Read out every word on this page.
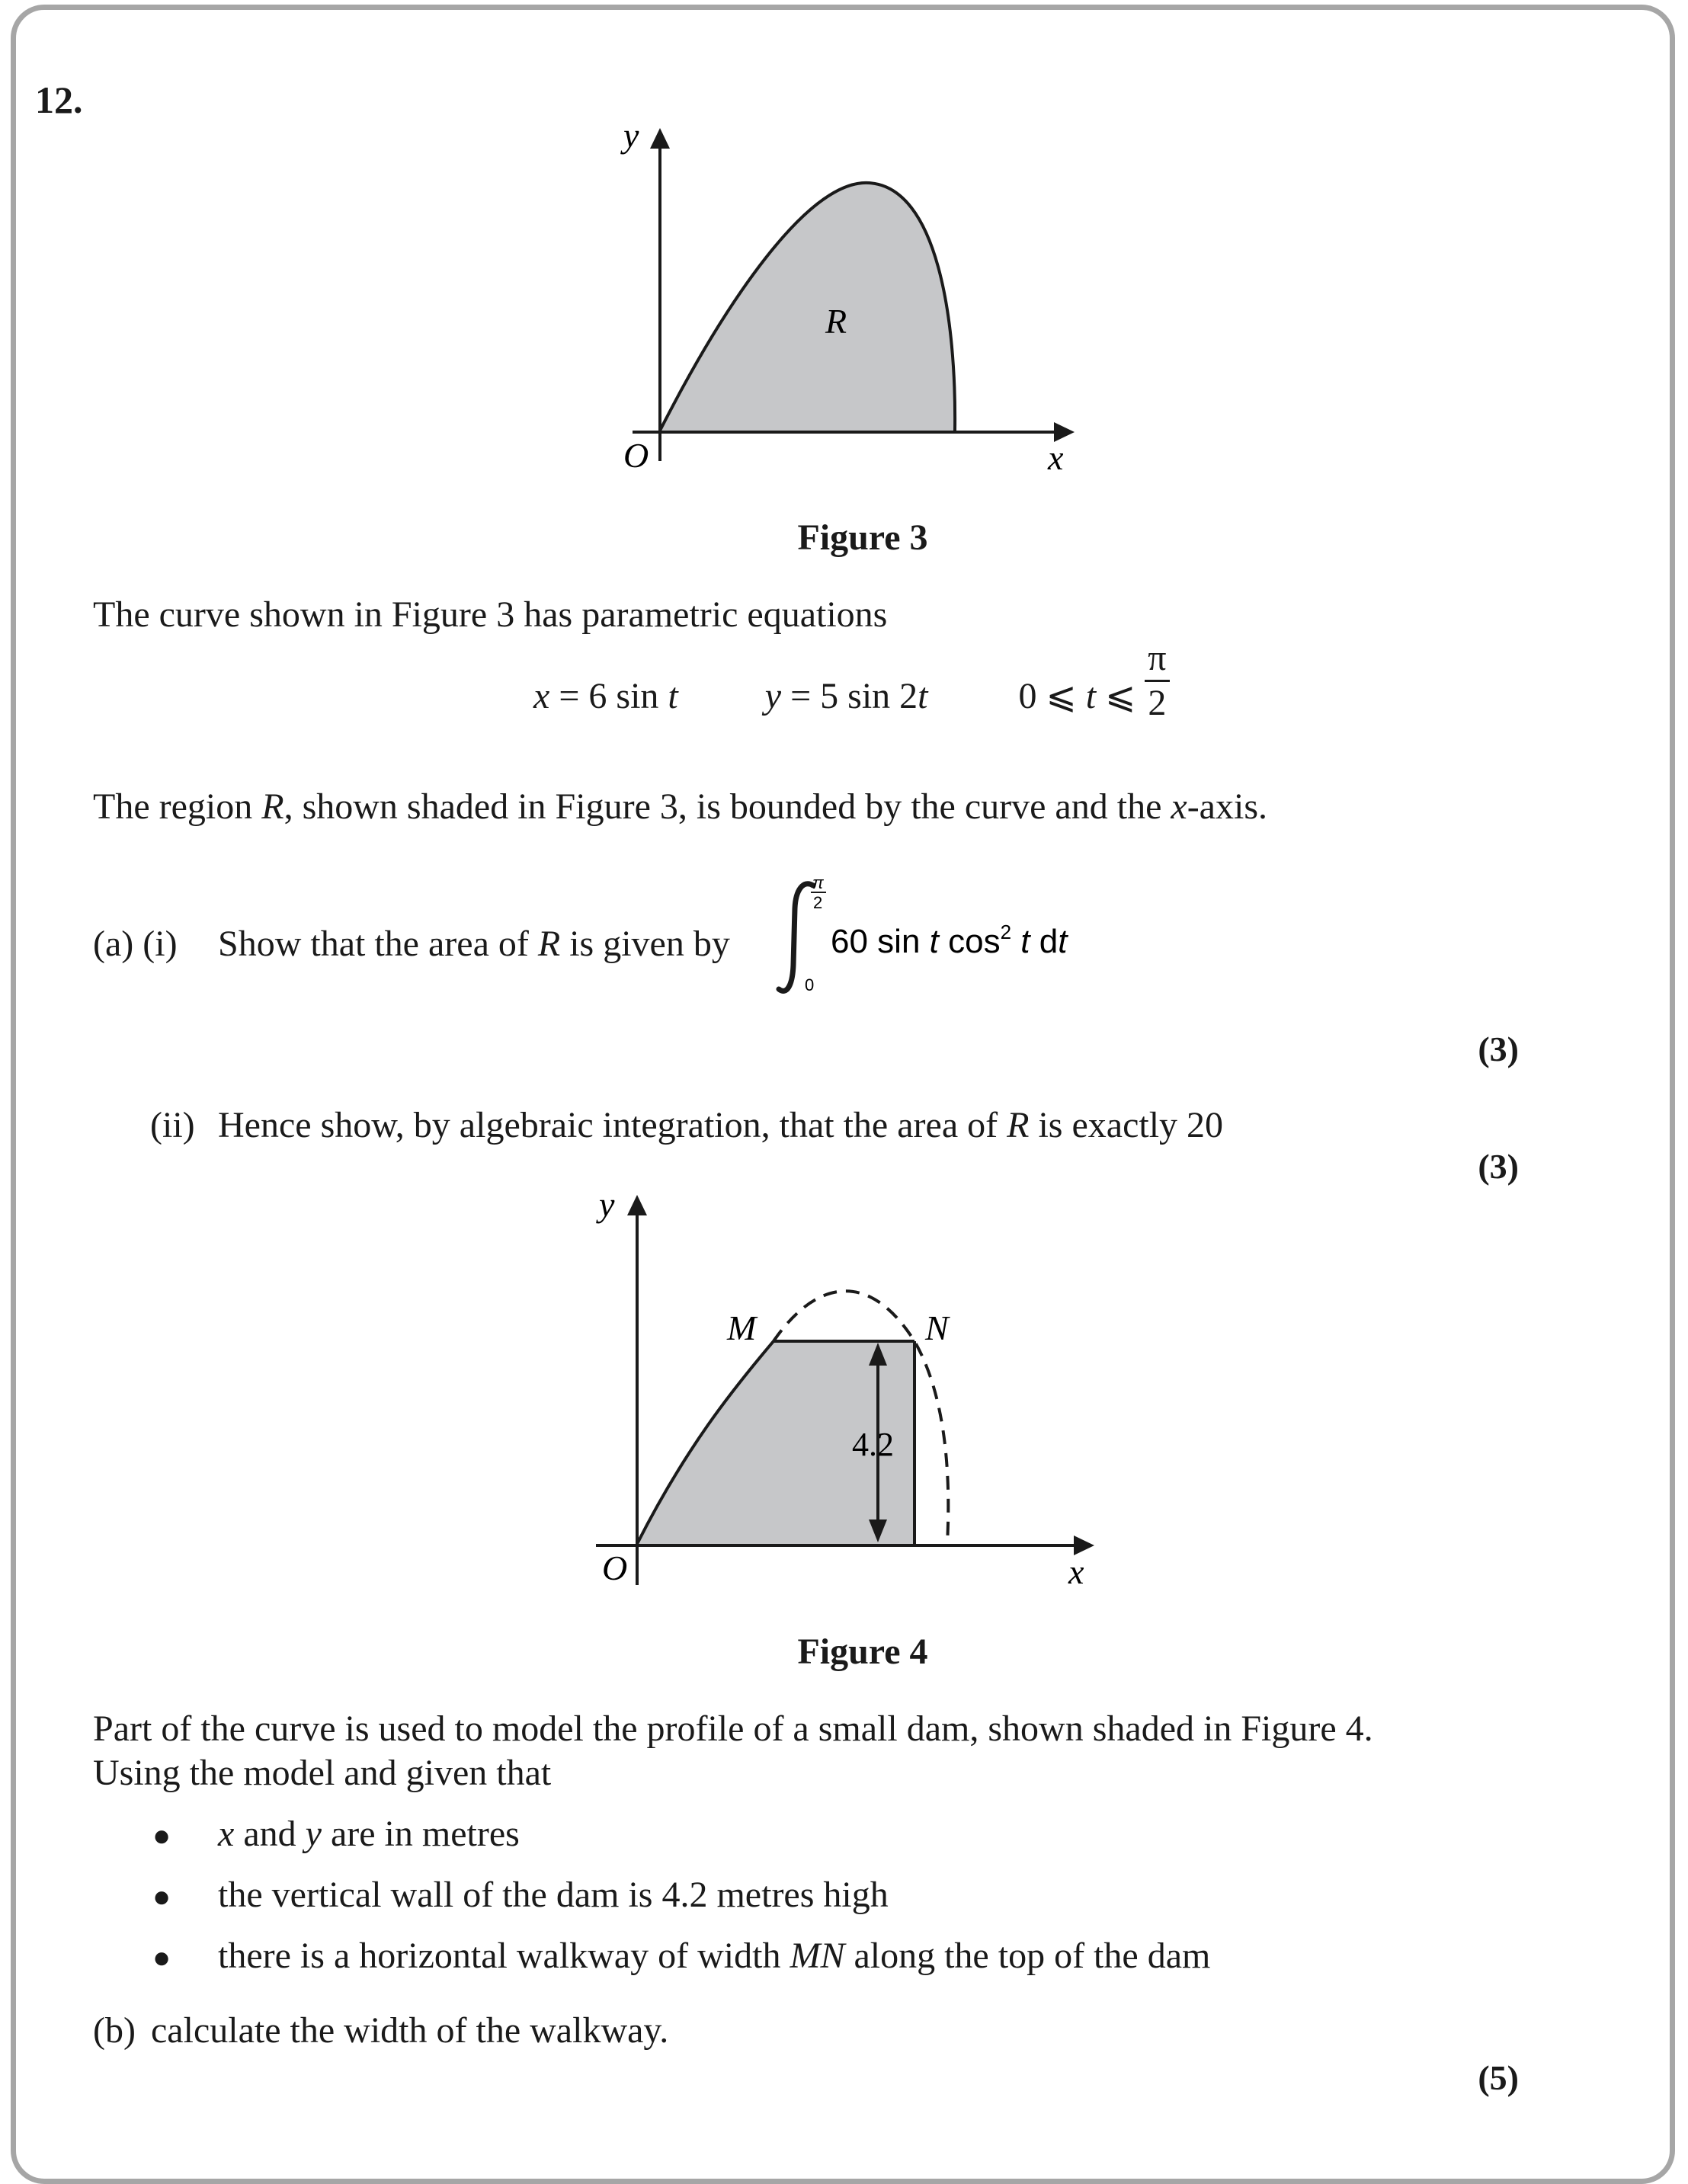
12.
y
x
O
R
Figure 3
The curve shown in Figure 3 has parametric equations
x = 6 sin t y = 5 sin 2t 0 ⩽ t ⩽ $\frac{\pi}{2}$
The region R, shown shaded in Figure 3, is bounded by the curve and the x-axis.
(a) (i) Show that the area of R is given by
π
2
0
60 sin t $\cos^2 t$ dt
(3)
(ii) Hence show, by algebraic integration, that the area of R is exactly 20
(3)
y
x
O
M	N
4.2
Figure 4
Part of the curve is used to model the profile of a small dam, shown shaded in Figure 4.
Using the model and given that
● x and y are in metres
● the vertical wall of the dam is 4.2 metres high
● there is a horizontal walkway of width MN along the top of the dam
(b) calculate the width of the walkway.
(5)
